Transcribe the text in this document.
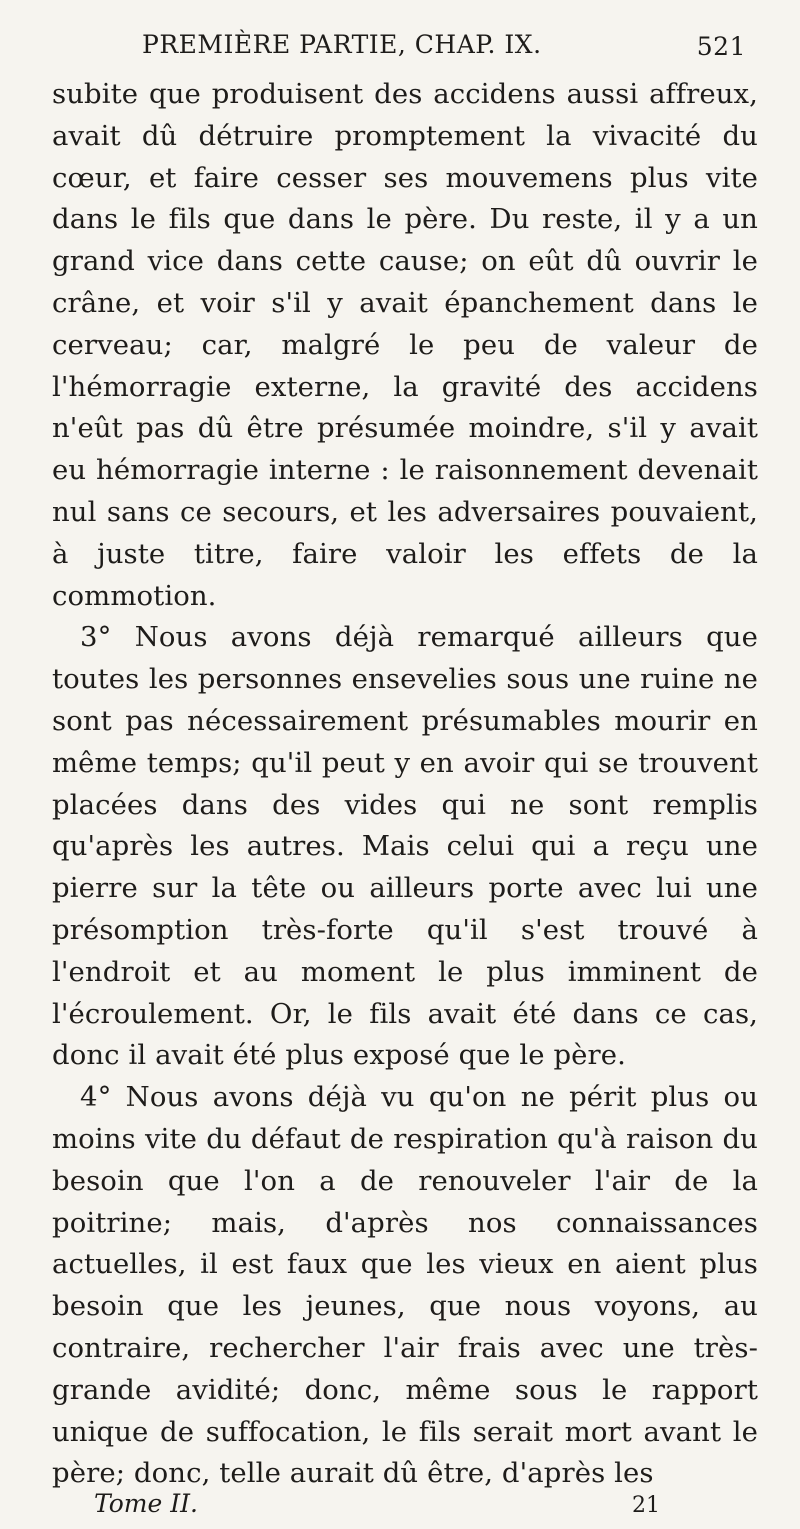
PREMIÈRE PARTIE, CHAP. IX.	521

subite que produisent des accidens aussi affreux, avait dû détruire promptement la vivacité du cœur, et faire cesser ses mouvemens plus vite dans le fils que dans le père. Du reste, il y a un grand vice dans cette cause; on eût dû ouvrir le crâne, et voir s'il y avait épanchement dans le cerveau; car, malgré le peu de valeur de l'hémorragie externe, la gravité des accidens n'eût pas dû être présumée moindre, s'il y avait eu hémorragie interne : le raisonnement devenait nul sans ce secours, et les adversaires pouvaient, à juste titre, faire valoir les effets de la commotion.

3° Nous avons déjà remarqué ailleurs que toutes les personnes ensevelies sous une ruine ne sont pas nécessairement présumables mourir en même temps; qu'il peut y en avoir qui se trouvent placées dans des vides qui ne sont remplis qu'après les autres. Mais celui qui a reçu une pierre sur la tête ou ailleurs porte avec lui une présomption très-forte qu'il s'est trouvé à l'endroit et au moment le plus imminent de l'écroulement. Or, le fils avait été dans ce cas, donc il avait été plus exposé que le père.

4° Nous avons déjà vu qu'on ne périt plus ou moins vite du défaut de respiration qu'à raison du besoin que l'on a de renouveler l'air de la poitrine; mais, d'après nos connaissances actuelles, il est faux que les vieux en aient plus besoin que les jeunes, que nous voyons, au contraire, rechercher l'air frais avec une très-grande avidité; donc, même sous le rapport unique de suffocation, le fils serait mort avant le père; donc, telle aurait dû être, d'après les

Tome II.	21
